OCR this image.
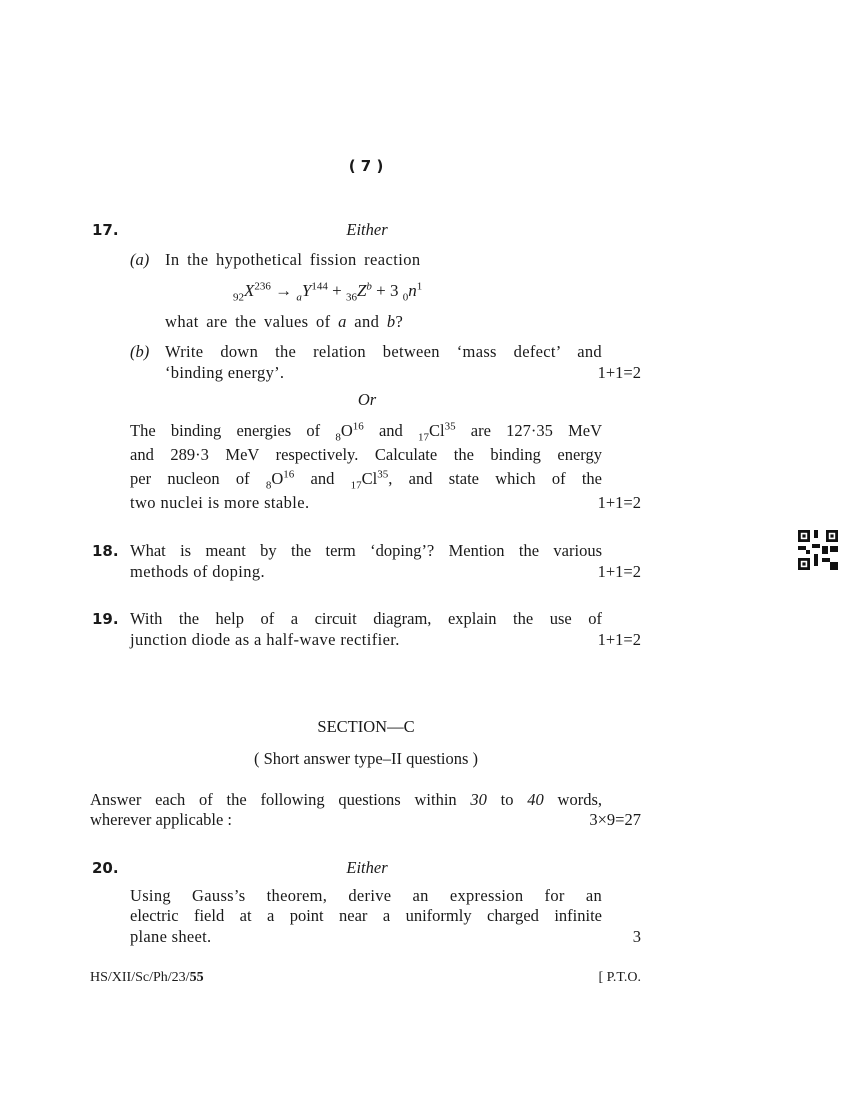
( 7 )
17.	Either
(a) In the hypothetical fission reaction
$_{92}X^{236} \to _aY^{144} + _{36}Z^b + 3$ $_0n^1$
what are the values of a and b?
(b) Write down the relation between ‘mass defect’ and
‘binding energy’.	1+1=2
Or
The binding energies of $_8O^{16}$ and $_{17}Cl^{35}$ are 127·35 MeV
and 289·3 MeV respectively. Calculate the binding energy
per nucleon of $_8O^{16}$ and $_{17}Cl^{35}$, and state which of the
two nuclei is more stable.	1+1=2
18. What is meant by the term ‘doping’? Mention the various
methods of doping.	1+1=2
19. With the help of a circuit diagram, explain the use of
junction diode as a half-wave rectifier.	1+1=2
SECTION—C
( Short answer type–II questions )
Answer each of the following questions within 30 to 40 words,
wherever applicable :	3×9=27
20.	Either
Using Gauss’s theorem, derive an expression for an
electric field at a point near a uniformly charged infinite
plane sheet.	3
HS/XII/Sc/Ph/23/55	[ P.T.O.
